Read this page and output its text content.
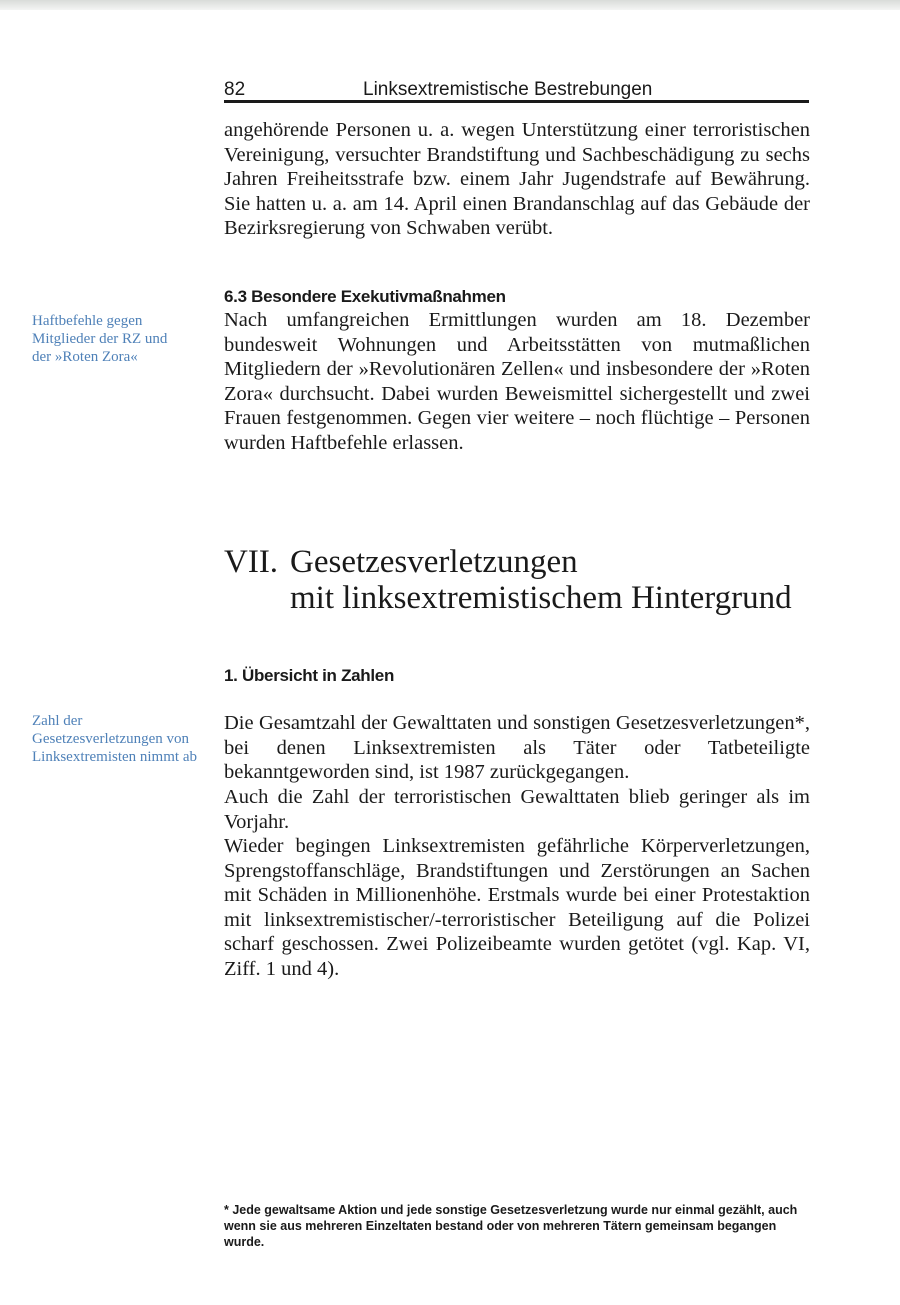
82	Linksextremistische Bestrebungen

angehörende Personen u. a. wegen Unterstützung einer terroristischen Vereinigung, versuchter Brandstiftung und Sachbeschädigung zu sechs Jahren Freiheitsstrafe bzw. einem Jahr Jugendstrafe auf Bewährung. Sie hatten u. a. am 14. April einen Brandanschlag auf das Gebäude der Bezirksregierung von Schwaben verübt.

6.3 Besondere Exekutivmaßnahmen

Haftbefehle gegen Mitglieder der RZ und der »Roten Zora«

Nach umfangreichen Ermittlungen wurden am 18. Dezember bundesweit Wohnungen und Arbeitsstätten von mutmaßlichen Mitgliedern der »Revolutionären Zellen« und insbesondere der »Roten Zora« durchsucht. Dabei wurden Beweismittel sichergestellt und zwei Frauen festgenommen. Gegen vier weitere – noch flüchtige – Personen wurden Haftbefehle erlassen.

VII. Gesetzesverletzungen
mit linksextremistischem Hintergrund

1. Übersicht in Zahlen

Zahl der Gesetzesverletzungen von Linksextremisten nimmt ab

Die Gesamtzahl der Gewalttaten und sonstigen Gesetzesverletzungen*, bei denen Linksextremisten als Täter oder Tatbeteiligte bekanntgeworden sind, ist 1987 zurückgegangen.

Auch die Zahl der terroristischen Gewalttaten blieb geringer als im Vorjahr.

Wieder begingen Linksextremisten gefährliche Körperverletzungen, Sprengstoffanschläge, Brandstiftungen und Zerstörungen an Sachen mit Schäden in Millionenhöhe. Erstmals wurde bei einer Protestaktion mit linksextremistischer/-terroristischer Beteiligung auf die Polizei scharf geschossen. Zwei Polizeibeamte wurden getötet (vgl. Kap. VI, Ziff. 1 und 4).

* Jede gewaltsame Aktion und jede sonstige Gesetzesverletzung wurde nur einmal gezählt, auch wenn sie aus mehreren Einzeltaten bestand oder von mehreren Tätern gemeinsam begangen wurde.
